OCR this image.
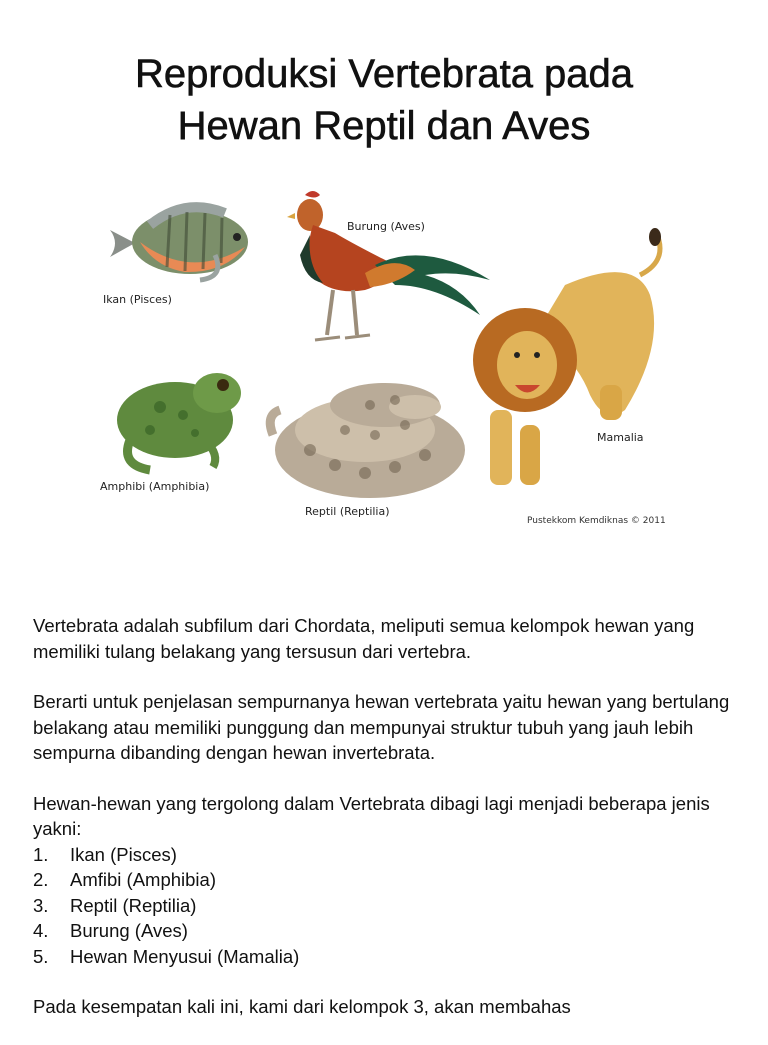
Reproduksi Vertebrata pada
Hewan Reptil dan Aves
Ikan (Pisces)
Burung (Aves)
Amphibi (Amphibia)
Reptil (Reptilia)
Mamalia
Pustekkom Kemdiknas © 2011

Vertebrata adalah subfilum dari Chordata, meliputi semua kelompok hewan yang memiliki tulang belakang yang tersusun dari vertebra.

Berarti untuk penjelasan sempurnanya hewan vertebrata yaitu hewan yang bertulang belakang atau memiliki punggung dan mempunyai struktur tubuh yang jauh lebih sempurna dibanding dengan hewan invertebrata.

Hewan-hewan yang tergolong dalam Vertebrata dibagi lagi menjadi beberapa jenis yakni:

1.	Ikan (Pisces)
2.	Amfibi (Amphibia)
3.	Reptil (Reptilia)
4.	Burung (Aves)
5.	Hewan Menyusui (Mamalia)

Pada kesempatan kali ini, kami dari kelompok 3, akan membahas
